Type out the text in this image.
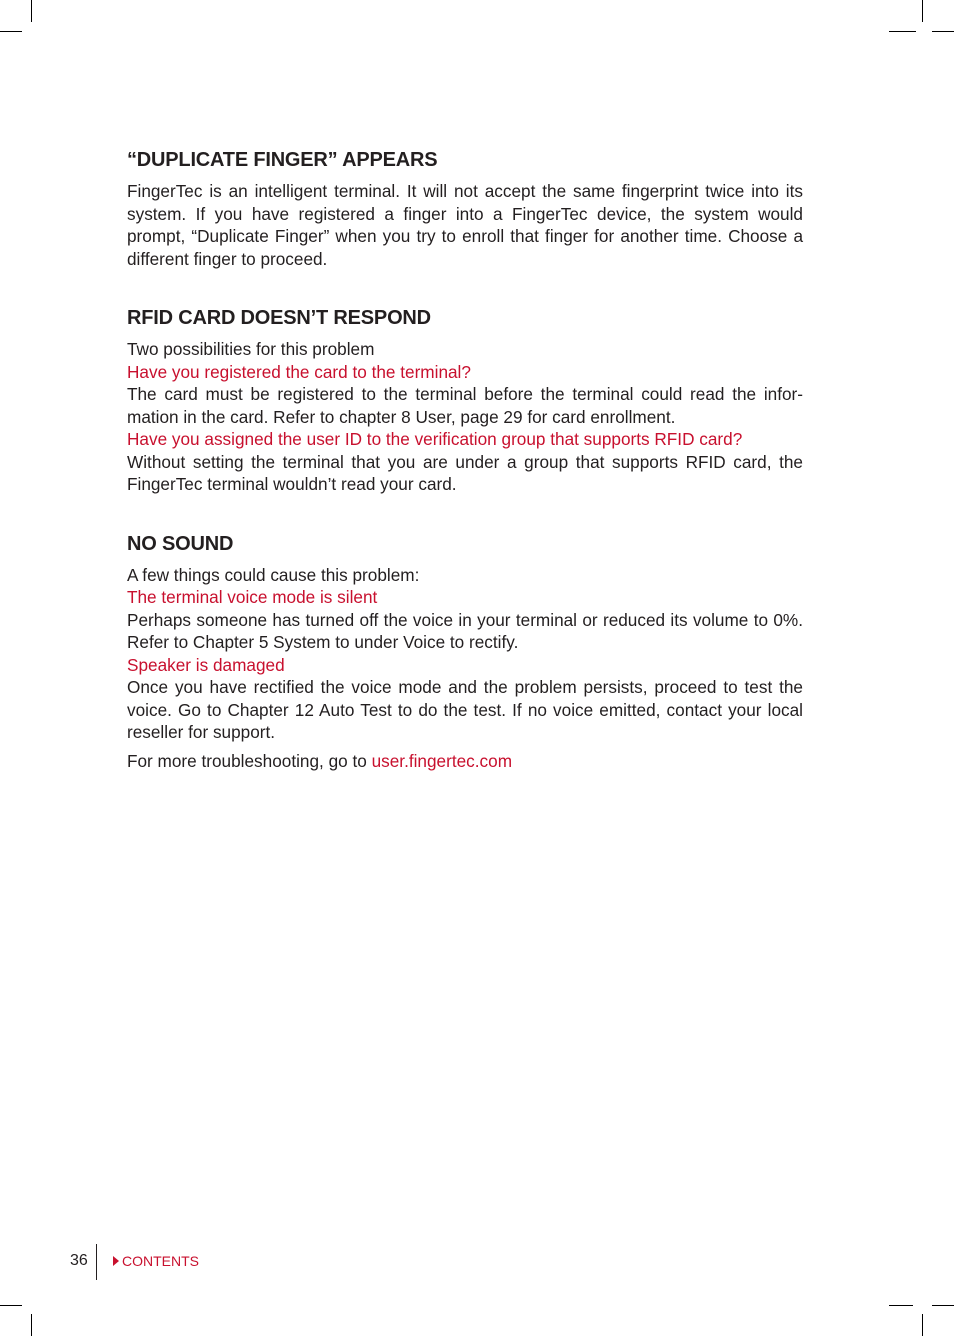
“DUPLICATE FINGER” APPEARS

FingerTec is an intelligent terminal. It will not accept the same fingerprint twice into its system. If you have registered a finger into a FingerTec device, the system would prompt, “Duplicate Finger” when you try to enroll that finger for another time. Choose a different finger to proceed.

RFID CARD DOESN’T RESPOND

Two possibilities for this problem

Have you registered the card to the terminal?

The card must be registered to the terminal before the terminal could read the infor-mation in the card. Refer to chapter 8 User, page 29 for card enrollment.

Have you assigned the user ID to the verification group that supports RFID card?

Without setting the terminal that you are under a group that supports RFID card, the FingerTec terminal wouldn’t read your card.

NO SOUND

A few things could cause this problem:

The terminal voice mode is silent

Perhaps someone has turned off the voice in your terminal or reduced its volume to 0%. Refer to Chapter 5 System to under Voice to rectify.

Speaker is damaged

Once you have rectified the voice mode and the problem persists, proceed to test the voice. Go to Chapter 12 Auto Test to do the test. If no voice emitted, contact your local reseller for support.

For more troubleshooting, go to user.fingertec.com

36 CONTENTS
